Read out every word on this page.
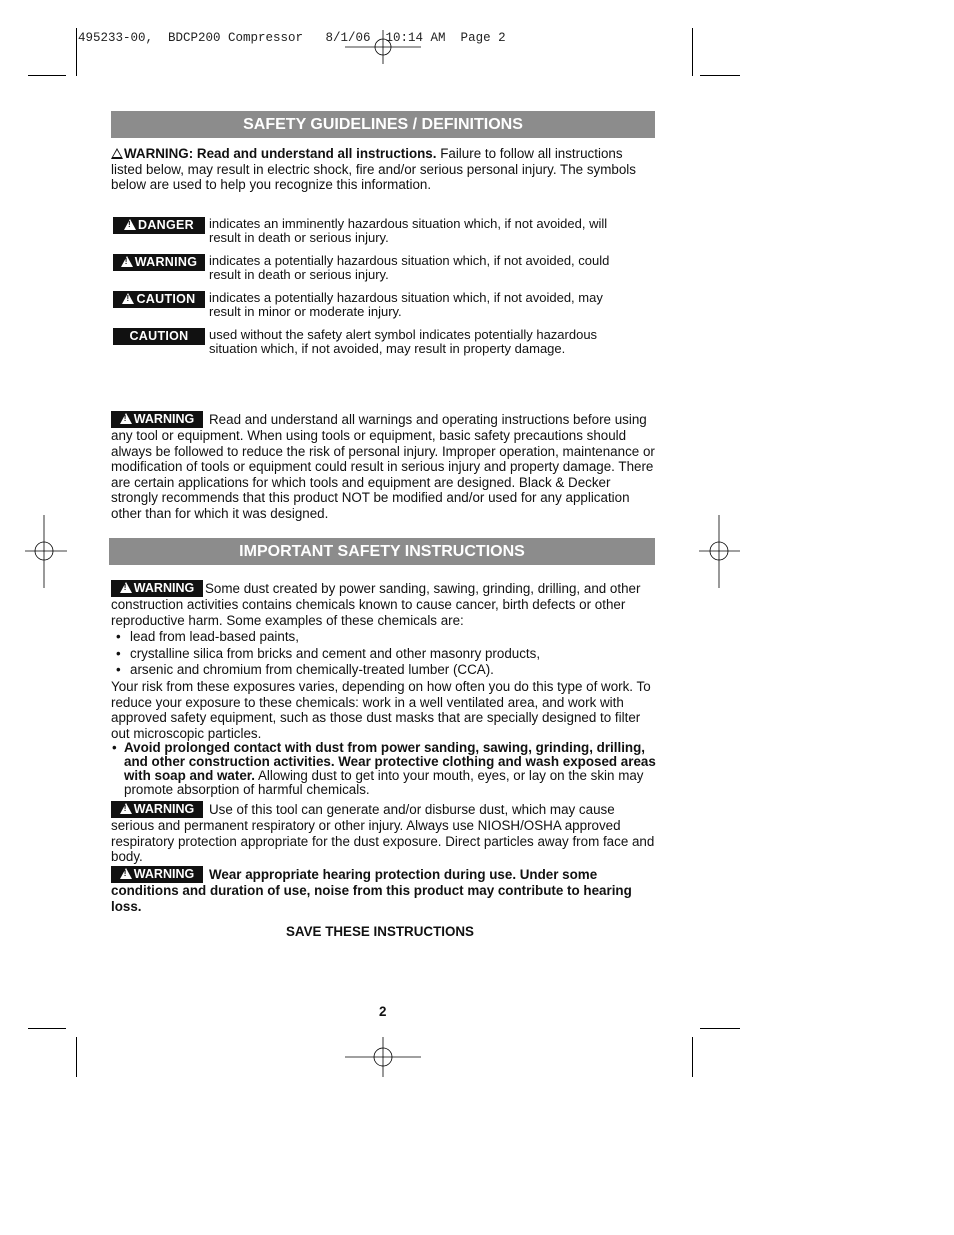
495233-00,  BDCP200 Compressor   8/1/06  10:14 AM  Page 2
SAFETY GUIDELINES / DEFINITIONS
WARNING: Read and understand all instructions. Failure to follow all instructions listed below, may result in electric shock, fire and/or serious personal injury. The symbols below are used to help you recognize this information.
!DANGER	indicates an imminently hazardous situation which, if not avoided, will result in death or serious injury.
!WARNING indicates a potentially hazardous situation which, if not avoided, could result in death or serious injury.
!CAUTION	indicates a potentially hazardous situation which, if not avoided, may result in minor or moderate injury.
CAUTION	used without the safety alert symbol indicates potentially hazardous situation which, if not avoided, may result in property damage.
!WARNING Read and understand all warnings and operating instructions before using any tool or equipment. When using tools or equipment, basic safety precautions should always be followed to reduce the risk of personal injury. Improper operation, maintenance or modification of tools or equipment could result in serious injury and property damage. There are certain applications for which tools and equipment are designed. Black & Decker strongly recommends that this product NOT be modified and/or used for any application other than for which it was designed.
IMPORTANT SAFETY INSTRUCTIONS
!WARNING Some dust created by power sanding, sawing, grinding, drilling, and other construction activities contains chemicals known to cause cancer, birth defects or other reproductive harm. Some examples of these chemicals are:
• lead from lead-based paints,
• crystalline silica from bricks and cement and other masonry products,
• arsenic and chromium from chemically-treated lumber (CCA).
Your risk from these exposures varies, depending on how often you do this type of work. To reduce your exposure to these chemicals: work in a well ventilated area, and work with approved safety equipment, such as those dust masks that are specially designed to filter out microscopic particles.
• Avoid prolonged contact with dust from power sanding, sawing, grinding, drilling, and other construction activities. Wear protective clothing and wash exposed areas with soap and water. Allowing dust to get into your mouth, eyes, or lay on the skin may promote absorption of harmful chemicals.
!WARNING Use of this tool can generate and/or disburse dust, which may cause serious and permanent respiratory or other injury. Always use NIOSH/OSHA approved respiratory protection appropriate for the dust exposure. Direct particles away from face and body.
!WARNING Wear appropriate hearing protection during use. Under some conditions and duration of use, noise from this product may contribute to hearing loss.
SAVE THESE INSTRUCTIONS
2
